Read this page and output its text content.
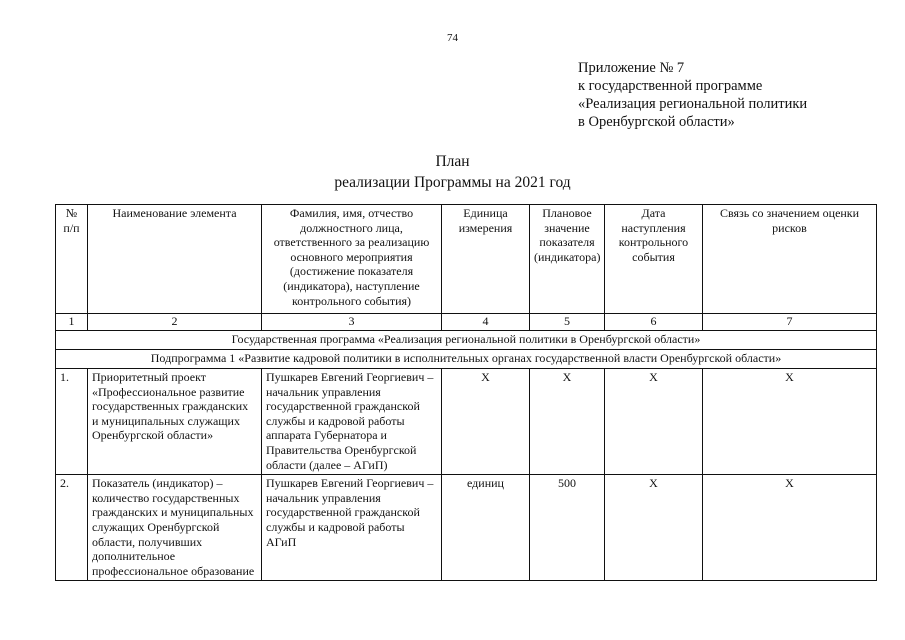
74
Приложение № 7
к государственной программе
«Реализация региональной политики
в Оренбургской области»
План
реализации Программы на 2021 год
№ п/п	Наименование элемента	Фамилия, имя, отчество должностного лица, ответственного за реализацию основного мероприятия (достижение показателя (индикатора), наступление контрольного события)	Единица измерения	Плановое значение показателя (индикатора)	Дата наступления контрольного события	Связь со значением оценки рисков
1	2	3	4	5	6	7
Государственная программа «Реализация региональной политики в Оренбургской области»						
Подпрограмма 1 «Развитие кадровой политики в исполнительных органах государственной власти Оренбургской области»						
1.	Приоритетный проект «Профессиональное развитие государственных гражданских и муниципальных служащих Оренбургской области»	Пушкарев Евгений Георгиевич – начальник управления государственной гражданской службы и кадровой работы аппарата Губернатора и Правительства Оренбургской области (далее – АГиП)	Х	Х	Х	Х
2.	Показатель (индикатор) – количество государственных гражданских и муниципальных служащих Оренбургской области, получивших дополнительное профессиональное образование	Пушкарев Евгений Георгиевич – начальник управления государственной гражданской службы и кадровой работы АГиП	единиц	500	Х	Х
